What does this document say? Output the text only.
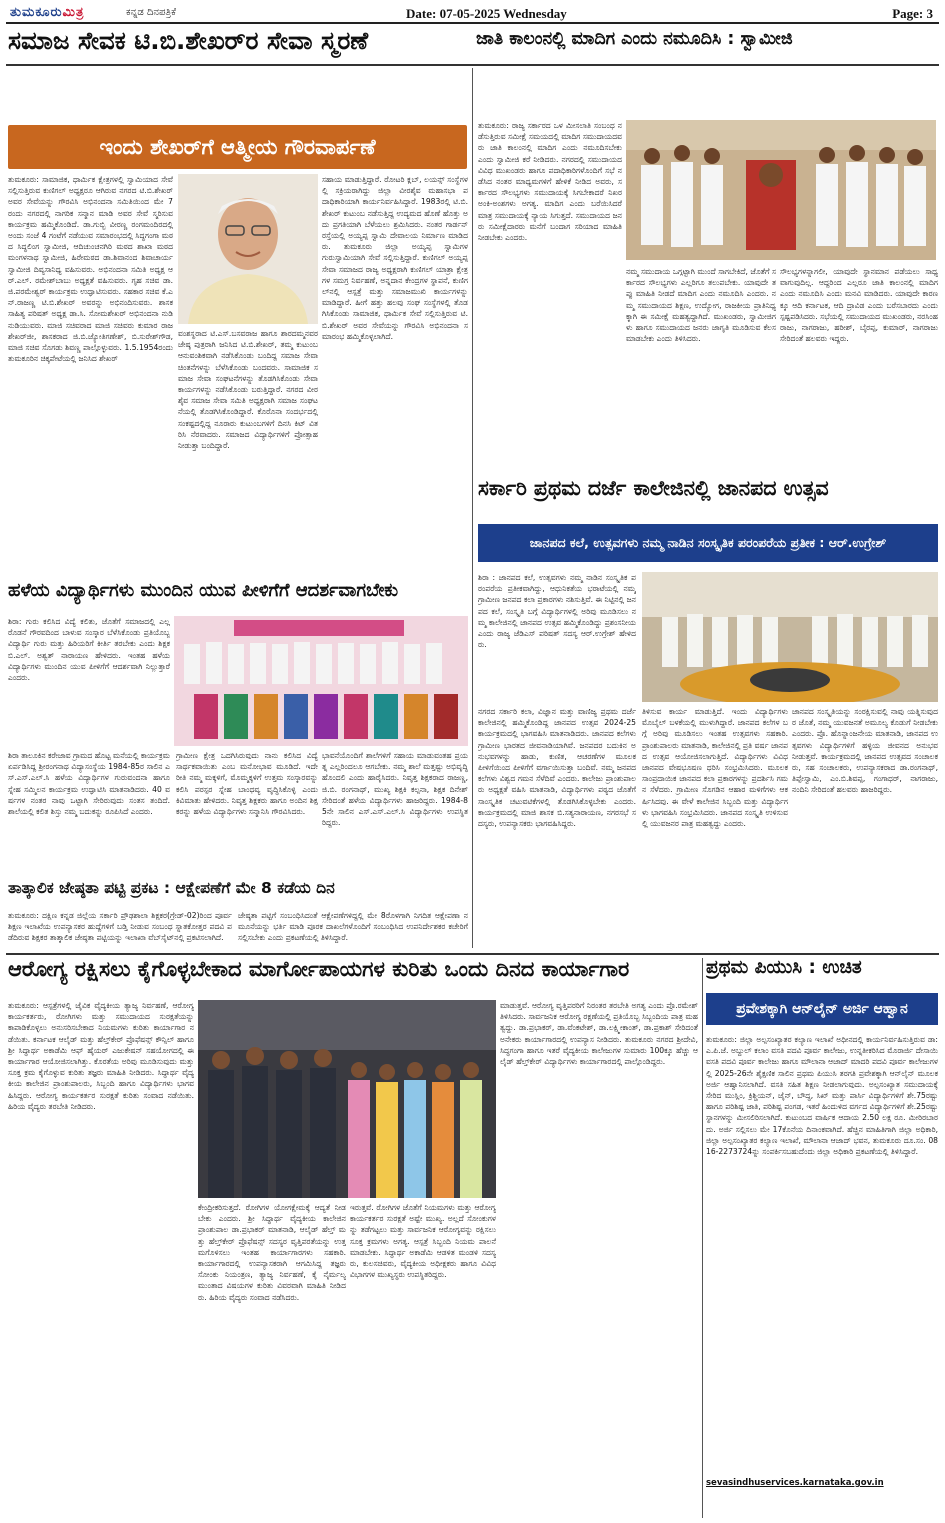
ತುಮಕೂರುಮಿತ್ರ	ಕನ್ನಡ ದಿನಪತ್ರಿಕೆ	Date: 07-05-2025 Wednesday	Page: 3
ಸಮಾಜ ಸೇವಕ ಟಿ.ಬಿ.ಶೇಖರ್‌ರ ಸೇವಾ ಸ್ಮರಣೆ	ಜಾತಿ ಕಾಲಂನಲ್ಲಿ ಮಾದಿಗ ಎಂದು ನಮೂದಿಸಿ : ಸ್ವಾಮೀಜಿ
ಇಂದು ಶೇಖರ್‌ಗೆ ಆತ್ಮೀಯ ಗೌರವಾರ್ಪಣೆ
ತುಮಕೂರು: ಸಾಮಾಜಿಕ, ಧಾರ್ಮಿಕ ಕ್ಷೇತ್ರಗಳಲ್ಲಿ ಸ್ವಾಮಿಯಾದ ಸೇವೆ ಸಲ್ಲಿಸುತ್ತಿರುವ ಕುಣಿಗಲ್ ಅಧ್ಯಕ್ಷರೂ ಆಗಿರುವ ನಗರದ ಟಿ.ಬಿ.ಶೇಖರ್ ಅವರ ಸೇವೆಯನ್ನು ಗೌರವಿಸಿ ಅಭಿನಂದನಾ ಸಮಿತಿಯಿಂದ ಮೇ 7ರಂದು ನಗರದಲ್ಲಿ ನಾಗರಿಕ ಸನ್ಮಾನ ಮಾಡಿ ಅವರ ಸೇವೆ ಸ್ಮರಿಸುವ ಕಾರ್ಯಕ್ರಮ ಹಮ್ಮಿಕೊಂಡಿದೆ. ಡಾ.ಗುಬ್ಬಿ ವೀರಣ್ಣ ರಂಗಮಂದಿರದಲ್ಲಿ ಅಂದು ಸಂಜೆ 4 ಗಂಟೆಗೆ ನಡೆಯುವ ಸಮಾರಂಭದಲ್ಲಿ ಸಿದ್ಧಗಂಗಾ ಮಠದ ಸಿದ್ಧಲಿಂಗ ಸ್ವಾಮೀಜಿ, ಆದಿಚುಂಚನಗಿರಿ ಮಠದ ಶಾಖಾ ಮಠದ ಮಂಗಳನಾಥ ಸ್ವಾಮೀಜಿ, ಹಿರೇಮಠದ ಡಾ.ಶಿವಾನಂದ ಶಿವಾಚಾರ್ಯ ಸ್ವಾಮೀಜಿ ದಿವ್ಯಸಾನಿಧ್ಯ ವಹಿಸುವರು. ಅಭಿನಂದನಾ ಸಮಿತಿ ಅಧ್ಯಕ್ಷ ಆರ್.ಎಲ್. ರಮೇಶ್‌ಬಾಬು ಅಧ್ಯಕ್ಷತೆ ವಹಿಸುವರು. ಗೃಹ ಸಚಿವ ಡಾ.ಜಿ.ಪರಮೇಶ್ವರ್ ಕಾರ್ಯಕ್ರಮ ಉದ್ಘಾಟಿಸುವರು. ಸಹಕಾರ ಸಚಿವ ಕೆ.ಎನ್.ರಾಜಣ್ಣ ಟಿ.ಬಿ.ಶೇಖರ್ ಅವರನ್ನು ಅಭಿನಂದಿಸುವರು. ಶಾಸಕ ಸಾಹಿತ್ಯ ಪರಿಷತ್ ಅಧ್ಯಕ್ಷ ಡಾ.ಸಿ. ಸೋಮಶೇಖರ್ ಅಭಿನಂದನಾ ನುಡಿ ನುಡಿಯುವರು. ಮಾಜಿ ಸಚಿವರಾದ ಮಾಜಿ ಸಚಿವರು ಕುಮಾರ ರಾಜಶೇಖರ್‌ಜೀ, ಶಾಸಕರಾದ ಜಿ.ಬಿ.ಜ್ಯೋತಿಗಣೇಶ್, ಬಿ.ಸುರೇಶ್‌ಗೌಡ, ಮಾಜಿ ಸಚಿವ ಸೊಗಡು ಶಿವಣ್ಣ ಪಾಲ್ಗೊಳ್ಳುವರು. 1.5.1954ರಂದು ತುಮಕೂರಿನ ಚಿಕ್ಕಪೇಟೆಯಲ್ಲಿ ಜನಿಸಿದ ಶೇಖರ್
ವಂಶಸ್ಥರಾದ ಟಿ.ಎಸ್.ಬಸವರಾಜ ಹಾಗೂ ಶಾರದಮ್ಮನವರ ಜೇಷ್ಠ ಪುತ್ರರಾಗಿ ಜನಿಸಿದ ಟಿ.ಬಿ.ಶೇಖರ್, ತಮ್ಮ ಕುಟುಂಬ ಆನುವಂಶಿಕವಾಗಿ ನಡೆಸಿಕೊಂಡು ಬಂದಿದ್ದ ಸಮಾಜ ಸೇವಾ ಚಿಂತನೆಗಳನ್ನು ಬೆಳೆಸಿಕೊಂಡು ಬಂದವರು. ಸಾಮಾಜಿಕ ಸಮಾಜ ಸೇವಾ ಸಂಘಟನೆಗಳನ್ನು ತೊಡಗಿಸಿಕೊಂಡು ಸೇವಾ ಕಾರ್ಯಗಳನ್ನು ನಡೆಸಿಕೊಂಡು ಬರುತ್ತಿದ್ದಾರೆ. ನಗರದ ವೀರಶೈವ ಸಮಾಜ ಸೇವಾ ಸಮಿತಿ ಅಧ್ಯಕ್ಷರಾಗಿ ಸಮಾಜ ಸಂಘಟನೆಯಲ್ಲಿ ತೊಡಗಿಸಿಕೊಂಡಿದ್ದಾರೆ. ಕೊರೊನಾ ಸಂದರ್ಭದಲ್ಲಿ ಸಂಕಷ್ಟದಲ್ಲಿದ್ದ ನೂರಾರು ಕುಟುಂಬಗಳಿಗೆ ದಿನಸಿ ಕಿಟ್ ವಿತರಿಸಿ ನೆರವಾದರು. ಸಮಾಜದ ವಿದ್ಯಾರ್ಥಿಗಳಿಗೆ ಪ್ರೋತ್ಸಾಹ ನೀಡುತ್ತಾ ಬಂದಿದ್ದಾರೆ.
ಸಹಾಯ ಮಾಡುತ್ತಿದ್ದಾರೆ. ರೋಟರಿ ಕ್ಲಬ್, ಲಯನ್ಸ್ ಸಂಸ್ಥೆಗಳಲ್ಲಿ ಸಕ್ರಿಯರಾಗಿದ್ದು ಜಿಲ್ಲಾ ವೀರಶೈವ ಮಹಾಸಭಾ ಪದಾಧಿಕಾರಿಯಾಗಿ ಕಾರ್ಯನಿರ್ವಹಿಸಿದ್ದಾರೆ. 1983ರಲ್ಲಿ ಟಿ.ಬಿ.ಶೇಖರ್ ಕುಟುಂಬ ನಡೆಸುತ್ತಿದ್ದ ಉದ್ಯಮದ ಹೊಣೆ ಹೊತ್ತು ಅದು ಪ್ರಗತಿಯಾಗಿ ಬೆಳೆಯಲು ಶ್ರಮಿಸಿದರು. ನಂತರ ಗಾರ್ಡನ್ ರಸ್ತೆಯಲ್ಲಿ ಅಯ್ಯಪ್ಪ ಸ್ವಾಮಿ ದೇವಾಲಯ ನಿರ್ಮಾಣ ಮಾಡಿದರು. ತುಮಕೂರು ಜಿಲ್ಲಾ ಅಯ್ಯಪ್ಪ ಸ್ವಾಮಿಗಳ ಗುರುಸ್ವಾಮಿಯಾಗಿ ಸೇವೆ ಸಲ್ಲಿಸುತ್ತಿದ್ದಾರೆ. ಕುಣಿಗಲ್ ಅಯ್ಯಪ್ಪ ಸೇವಾ ಸಮಾಜದ ರಾಜ್ಯ ಅಧ್ಯಕ್ಷರಾಗಿ ಕುಣಿಗಲ್ ಯಾತ್ರಾ ಕ್ಷೇತ್ರಗಳ ಸಮಗ್ರ ನಿರ್ವಹಣೆ, ಅನ್ನದಾನ ಕೇಂದ್ರಗಳ ಸ್ಥಾಪನೆ, ಕುಣಿಗಲ್‌ನಲ್ಲಿ ಆಸ್ಪತ್ರೆ ಮತ್ತು ಸಮಾಜಮುಖಿ ಕಾರ್ಯಗಳನ್ನು ಮಾಡಿದ್ದಾರೆ. ಹೀಗೆ ಹತ್ತು ಹಲವು ಸಂಘ ಸಂಸ್ಥೆಗಳಲ್ಲಿ ತೊಡಗಿಸಿಕೊಂಡು ಸಾಮಾಜಿಕ, ಧಾರ್ಮಿಕ ಸೇವೆ ಸಲ್ಲಿಸುತ್ತಿರುವ ಟಿ.ಬಿ.ಶೇಖರ್ ಅವರ ಸೇವೆಯನ್ನು ಗೌರವಿಸಿ ಅಭಿನಂದನಾ ಸಮಾರಂಭ ಹಮ್ಮಿಕೊಳ್ಳಲಾಗಿದೆ.
ತುಮಕೂರು: ರಾಜ್ಯ ಸರ್ಕಾರದ ಒಳ ಮೀಸಲಾತಿ ಸಂಬಂಧ ನಡೆಸುತ್ತಿರುವ ಸಮೀಕ್ಷೆ ಸಮಯದಲ್ಲಿ ಮಾದಿಗ ಸಮುದಾಯದವರು ಜಾತಿ ಕಾಲಂನಲ್ಲಿ ಮಾದಿಗ ಎಂದು ನಮೂದಿಸಬೇಕು ಎಂದು ಸ್ವಾಮೀಜಿ ಕರೆ ನೀಡಿದರು. ನಗರದಲ್ಲಿ ಸಮುದಾಯದ ವಿವಿಧ ಮುಖಂಡರು ಹಾಗೂ ಪದಾಧಿಕಾರಿಗಳೊಂದಿಗೆ ಸಭೆ ನಡೆಸಿದ ನಂತರ ಮಾಧ್ಯಮಗಳಿಗೆ ಹೇಳಿಕೆ ನೀಡಿದ ಅವರು, ಸರ್ಕಾರದ ಸೌಲಭ್ಯಗಳು ಸಮುದಾಯಕ್ಕೆ ಸಿಗಬೇಕಾದರೆ ನಿಖರ ಅಂಕಿ-ಅಂಶಗಳು ಅಗತ್ಯ. ಮಾದಿಗ ಎಂದು ಬರೆಯಿಸಿದರೆ ಮಾತ್ರ ಸಮುದಾಯಕ್ಕೆ ನ್ಯಾಯ ಸಿಗುತ್ತದೆ. ಸಮುದಾಯದ ಜನರು ಸಮೀಕ್ಷೆದಾರರು ಮನೆಗೆ ಬಂದಾಗ ಸರಿಯಾದ ಮಾಹಿತಿ ನೀಡಬೇಕು ಎಂದರು.
ನಮ್ಮ ಸಮುದಾಯ ಒಗ್ಗಟ್ಟಾಗಿ ಮುಂದೆ ಸಾಗಬೇಕಿದೆ, ಜೊತೆಗೆ ಸರ್ಕಾರದ ಸೌಲಭ್ಯಗಳು ಎಲ್ಲರಿಗೂ ತಲುಪಬೇಕು. ಯಾವುದೇ ತಪ್ಪು ಮಾಹಿತಿ ನೀಡದೆ ಮಾದಿಗ ಎಂದು ನಮೂದಿಸಿ ಎಂದರು. ನಮ್ಮ ಸಮುದಾಯದ ಶಿಕ್ಷಣ, ಉದ್ಯೋಗ, ರಾಜಕೀಯ ಪ್ರಾತಿನಿಧ್ಯಕ್ಕಾಗಿ ಈ ಸಮೀಕ್ಷೆ ಮಹತ್ವದ್ದಾಗಿದೆ. ಮುಖಂಡರು, ಸ್ವಾಮೀಜಿಗಳು ಹಾಗೂ ಸಮುದಾಯದ ಜನರು ಜಾಗೃತಿ ಮೂಡಿಸುವ ಕೆಲಸ ಮಾಡಬೇಕು ಎಂದು ತಿಳಿಸಿದರು.
ಸೌಲಭ್ಯಗಳನ್ನಾಗಲೀ, ಯಾವುದೇ ಸ್ಥಾನಮಾನ ಪಡೆಯಲು ಸಾಧ್ಯವಾಗುವುದಿಲ್ಲ. ಆದ್ದರಿಂದ ಎಲ್ಲರೂ ಜಾತಿ ಕಾಲಂನಲ್ಲಿ ಮಾದಿಗ ಎಂದು ನಮೂದಿಸಿ ಎಂದು ಮನವಿ ಮಾಡಿದರು. ಯಾವುದೇ ಕಾರಣಕ್ಕೂ ಆದಿ ಕರ್ನಾಟಕ, ಆದಿ ದ್ರಾವಿಡ ಎಂದು ಬರೆಸಬಾರದು ಎಂದು ಸ್ಪಷ್ಟಪಡಿಸಿದರು. ಸಭೆಯಲ್ಲಿ ಸಮುದಾಯದ ಮುಖಂಡರು, ನರಸಿಂಹರಾಜು, ನಾಗರಾಜು, ಹರೀಶ್, ಬೈರಪ್ಪ, ಕುಮಾರ್, ನಾಗರಾಜು ಸೇರಿದಂತೆ ಹಲವರು ಇದ್ದರು.
ಸರ್ಕಾರಿ ಪ್ರಥಮ ದರ್ಜೆ ಕಾಲೇಜಿನಲ್ಲಿ ಜಾನಪದ ಉತ್ಸವ
ಜಾನಪದ ಕಲೆ, ಉತ್ಸವಗಳು ನಮ್ಮ ನಾಡಿನ ಸಂಸ್ಕೃತಿಕ ಪರಂಪರೆಯ ಪ್ರತೀಕ : ಆರ್.ಉಗ್ರೇಶ್
ಶಿರಾ : ಜಾನಪದ ಕಲೆ, ಉತ್ಸವಗಳು ನಮ್ಮ ನಾಡಿನ ಸಂಸ್ಕೃತಿಕ ಪರಂಪರೆಯ ಪ್ರತೀಕವಾಗಿದ್ದು, ಆಧುನಿಕತೆಯ ಭರಾಟೆಯಲ್ಲಿ ನಮ್ಮ ಗ್ರಾಮೀಣ ಜನಪದ ಕಲಾ ಪ್ರಕಾರಗಳು ನಶಿಸುತ್ತಿವೆ. ಈ ನಿಟ್ಟಿನಲ್ಲಿ ಜನಪದ ಕಲೆ, ಸಂಸ್ಕೃತಿ ಬಗ್ಗೆ ವಿದ್ಯಾರ್ಥಿಗಳಲ್ಲಿ ಅರಿವು ಮೂಡಿಸಲು ನಮ್ಮ ಕಾಲೇಜಿನಲ್ಲಿ ಜಾನಪದ ಉತ್ಸವ ಹಮ್ಮಿಕೊಂಡಿದ್ದು ಪ್ರಶಂಸನೀಯ ಎಂದು ರಾಜ್ಯ ಜೆಡಿಎಸ್ ಪರಿಷತ್ ಸದಸ್ಯ ಆರ್.ಉಗ್ರೇಶ್ ಹೇಳಿದರು.
ನಗರದ ಸರ್ಕಾರಿ ಕಲಾ, ವಿಜ್ಞಾನ ಮತ್ತು ವಾಣಿಜ್ಯ ಪ್ರಥಮ ದರ್ಜೆ ಕಾಲೇಜಿನಲ್ಲಿ ಹಮ್ಮಿಕೊಂಡಿದ್ದ ಜಾನಪದ ಉತ್ಸವ 2024-25 ಕಾರ್ಯಕ್ರಮದಲ್ಲಿ ಭಾಗವಹಿಸಿ ಮಾತನಾಡಿದರು. ಜಾನಪದ ಕಲೆಗಳು ಗ್ರಾಮೀಣ ಭಾರತದ ಜೀವನಾಡಿಯಾಗಿವೆ. ಜನಪದರ ಬದುಕಿನ ಅನುಭವಗಳನ್ನು ಹಾಡು, ಕುಣಿತ, ಆಚರಣೆಗಳ ಮೂಲಕ ಪೀಳಿಗೆಯಿಂದ ಪೀಳಿಗೆಗೆ ವರ್ಗಾಯಿಸುತ್ತಾ ಬಂದಿವೆ. ನಮ್ಮ ಜನಪದ ಕಲೆಗಳು ವಿಶ್ವದ ಗಮನ ಸೆಳೆದಿವೆ ಎಂದರು. ಕಾಲೇಜು ಪ್ರಾಂಶುಪಾಲರು ಅಧ್ಯಕ್ಷತೆ ವಹಿಸಿ ಮಾತನಾಡಿ, ವಿದ್ಯಾರ್ಥಿಗಳು ಪಠ್ಯದ ಜೊತೆಗೆ ಸಾಂಸ್ಕೃತಿಕ ಚಟುವಟಿಕೆಗಳಲ್ಲಿ ತೊಡಗಿಸಿಕೊಳ್ಳಬೇಕು ಎಂದರು. ಕಾರ್ಯಕ್ರಮದಲ್ಲಿ ಮಾಜಿ ಶಾಸಕ ಬಿ.ಸತ್ಯನಾರಾಯಣ, ನಗರಸಭೆ ಸದಸ್ಯರು, ಉಪನ್ಯಾಸಕರು ಭಾಗವಹಿಸಿದ್ದರು.
ತಿಳಿಸುವ ಕಾರ್ಯ ಮಾಡುತ್ತಿದೆ. ಇಂದು ವಿದ್ಯಾರ್ಥಿಗಳು ಮೊಬೈಲ್ ಬಳಕೆಯಲ್ಲಿ ಮುಳುಗಿದ್ದಾರೆ. ಜಾನಪದ ಕಲೆಗಳ ಬಗ್ಗೆ ಅರಿವು ಮೂಡಿಸಲು ಇಂತಹ ಉತ್ಸವಗಳು ಸಹಕಾರಿ. ಪ್ರಾಂಶುಪಾಲರು ಮಾತನಾಡಿ, ಕಾಲೇಜಿನಲ್ಲಿ ಪ್ರತಿ ವರ್ಷ ಜಾನಪದ ಉತ್ಸವ ಆಯೋಜಿಸಲಾಗುತ್ತಿದೆ. ವಿದ್ಯಾರ್ಥಿಗಳು ವಿವಿಧ ಜಾನಪದ ವೇಷಭೂಷಣ ಧರಿಸಿ ಸಂಭ್ರಮಿಸಿದರು. ಮೂಲಕ ಸಾಂಪ್ರದಾಯಿಕ ಜಾನಪದ ಕಲಾ ಪ್ರಕಾರಗಳನ್ನು ಪ್ರದರ್ಶಿಸಿ ಗಮನ ಸೆಳೆದರು. ಗ್ರಾಮೀಣ ಸೊಗಡಿನ ಆಹಾರ ಮಳಿಗೆಗಳು ಆಕರ್ಷಿಸಿದವು. ಈ ವೇಳೆ ಕಾಲೇಜಿನ ಸಿಬ್ಬಂದಿ ಮತ್ತು ವಿದ್ಯಾರ್ಥಿಗಳು ಭಾಗವಹಿಸಿ ಸಂಭ್ರಮಿಸಿದರು. ಜಾನಪದ ಸಂಸ್ಕೃತಿ ಉಳಿಸುವಲ್ಲಿ ಯುವಜನರ ಪಾತ್ರ ಮಹತ್ವದ್ದು ಎಂದರು.
ಜಾನಪದ ಸಂಸ್ಕೃತಿಯನ್ನು ಸಂರಕ್ಷಿಸುವಲ್ಲಿ ನಾವು ಯತ್ನಿಸುವುದರ ಜೊತೆ, ನಮ್ಮ ಯುವಜನತೆ ಅಮೂಲ್ಯ ಕೊಡುಗೆ ನೀಡಬೇಕು ಎಂದರು. ಪ್ರೊ. ಹೊನ್ನಾಂಜನೇಯ ಮಾತನಾಡಿ, ಜಾನಪದ ಉತ್ಸವಗಳು ವಿದ್ಯಾರ್ಥಿಗಳಿಗೆ ಹಳ್ಳಿಯ ಜೀವನದ ಅನುಭವ ನೀಡುತ್ತವೆ. ಕಾರ್ಯಕ್ರಮದಲ್ಲಿ ಜಾನಪದ ಉತ್ಸವದ ಸಂಚಾಲಕರು, ಸಹ ಸಂಚಾಲಕರು, ಉಪನ್ಯಾಸಕರಾದ ಡಾ.ರಂಗನಾಥ್, ತಿಪ್ಪೇಸ್ವಾಮಿ, ಎಂ.ಬಿ.ಶಿವಪ್ಪ, ಗಂಗಾಧರ್, ನಾಗರಾಜು, ನಂದಿನಿ ಸೇರಿದಂತೆ ಹಲವರು ಹಾಜರಿದ್ದರು.
ಹಳೆಯ ವಿದ್ಯಾರ್ಥಿಗಳು ಮುಂದಿನ ಯುವ ಪೀಳಿಗೆಗೆ ಆದರ್ಶವಾಗಬೇಕು
ಶಿರಾ: ಗುರು ಕಲಿಸಿದ ವಿದ್ಯೆ ಕಲಿತು, ಜೊತೆಗೆ ಸಮಾಜದಲ್ಲಿ ಎಲ್ಲರೊಡನೆ ಗೌರವದಿಂದ ಬಾಳುವ ಸಂಸ್ಕಾರ ಬೆಳೆಸಿಕೊಂಡು ಪ್ರತಿಯೊಬ್ಬ ವಿದ್ಯಾರ್ಥಿ ಗುರು ಮತ್ತು ಹಿರಿಯರಿಗೆ ಕೀರ್ತಿ ತರಬೇಕು ಎಂದು ಶಿಕ್ಷಕ ಬಿ.ಎಲ್. ಅಶ್ವತ್ ನಾರಾಯಣ ಹೇಳಿದರು. ಇಂತಹ ಹಳೆಯ ವಿದ್ಯಾರ್ಥಿಗಳು ಮುಂದಿನ ಯುವ ಪೀಳಿಗೆಗೆ ಆದರ್ಶವಾಗಿ ನಿಲ್ಲುತ್ತಾರೆ ಎಂದರು.
ಶಿರಾ ತಾಲೂಕಿನ ಕರೇಜಾವ ಗ್ರಾಮದ ಹೊಟ್ಟ ಮನೆಯಲ್ಲಿ ಕಾರ್ಯಕ್ರಮ ಏರ್ಪಡಿಸಿದ್ದ ಶ್ರೀರಂಗನಾಥ ವಿದ್ಯಾಸಂಸ್ಥೆಯ 1984-85ರ ಸಾಲಿನ ಎಸ್.ಎಸ್.ಎಲ್.ಸಿ ಹಳೆಯ ವಿದ್ಯಾರ್ಥಿಗಳ ಗುರುವಂದನಾ ಹಾಗೂ ಸ್ನೇಹ ಸಮ್ಮಿಲನ ಕಾರ್ಯಕ್ರಮ ಉದ್ಘಾಟಿಸಿ ಮಾತನಾಡಿದರು. 40 ವರ್ಷಗಳ ನಂತರ ನಾವು ಒಟ್ಟಾಗಿ ಸೇರಿರುವುದು ಸಂತಸ ತಂದಿದೆ. ಶಾಲೆಯಲ್ಲಿ ಕಲಿತ ಶಿಸ್ತು ನಮ್ಮ ಬದುಕನ್ನು ರೂಪಿಸಿದೆ ಎಂದರು.
ಗ್ರಾಮೀಣ ಕ್ಷೇತ್ರ ಒದಗಿಸಿರುವುದು ನಾನು ಕಲಿಸಿದ ವಿದ್ಯೆ ಸಾರ್ಥಕವಾಯಿತು ಎಂಬ ಮನೋಭಾವ ಮೂಡಿದೆ. ಇದೇ ರೀತಿ ನಮ್ಮ ಮಕ್ಕಳಿಗೆ, ಮೊಮ್ಮಕ್ಕಳಿಗೆ ಉತ್ತಮ ಸಂಸ್ಕಾರವನ್ನು ಕಲಿಸಿ ಪರಸ್ಪರ ಸ್ನೇಹ ಬಾಂಧವ್ಯ ವೃದ್ಧಿಸಿಕೊಳ್ಳಿ ಎಂದು ಕಿವಿಮಾತು ಹೇಳಿದರು. ನಿವೃತ್ತ ಶಿಕ್ಷಕರು ಹಾಗೂ ಅಂದಿನ ಶಿಕ್ಷಕರನ್ನು ಹಳೆಯ ವಿದ್ಯಾರ್ಥಿಗಳು ಸನ್ಮಾನಿಸಿ ಗೌರವಿಸಿದರು.
ಭಾವನೆಯೊಂದಿಗೆ ಶಾಲೆಗಳಿಗೆ ಸಹಾಯ ಮಾಡುವಂತಹ ಪ್ರಯತ್ನ ಎಲ್ಲರಿಂದಲೂ ಆಗಬೇಕು. ನಮ್ಮ ಶಾಲೆ ಮತ್ತಷ್ಟು ಅಭಿವೃದ್ಧಿ ಹೊಂದಲಿ ಎಂದು ಹಾರೈಸಿದರು. ನಿವೃತ್ತ ಶಿಕ್ಷಕರಾದ ರಾಜಣ್ಣ, ಜಿ.ಬಿ. ರಂಗನಾಥ್, ಮುಖ್ಯ ಶಿಕ್ಷಕಿ ಕಲ್ಪನಾ, ಶಿಕ್ಷಕ ದಿನೇಶ್ ಸೇರಿದಂತೆ ಹಳೆಯ ವಿದ್ಯಾರ್ಥಿಗಳು ಹಾಜರಿದ್ದರು. 1984-85ನೇ ಸಾಲಿನ ಎಸ್.ಎಸ್.ಎಲ್.ಸಿ ವಿದ್ಯಾರ್ಥಿಗಳು ಉಪಸ್ಥಿತರಿದ್ದರು.
ತಾತ್ಕಾಲಿಕ ಜೇಷ್ಠತಾ ಪಟ್ಟಿ ಪ್ರಕಟ : ಆಕ್ಷೇಪಣೆಗೆ ಮೇ 8 ಕಡೆಯ ದಿನ
ತುಮಕೂರು: ದಕ್ಷಿಣ ಕನ್ನಡ ಜಿಲ್ಲೆಯ ಸರ್ಕಾರಿ ಪ್ರೌಢಶಾಲಾ ಶಿಕ್ಷಕರ(ಗ್ರೇಡ್-02)ರಿಂದ ಪೂರ್ವ ಶಿಕ್ಷಣ ಇಲಾಖೆಯ ಉಪನ್ಯಾಸಕರ ಹುದ್ದೆಗಳಿಗೆ ಬಡ್ತಿ ನೀಡುವ ಸಂಬಂಧ ಸ್ನಾತಕೋತ್ತರ ಪದವಿ ಪಡೆದಿರುವ ಶಿಕ್ಷಕರ ತಾತ್ಕಾಲಿಕ ಜೇಷ್ಠತಾ ಪಟ್ಟಿಯನ್ನು ಇಲಾಖಾ ವೆಬ್‌ಸೈಟ್‌ನಲ್ಲಿ ಪ್ರಕಟಿಸಲಾಗಿದೆ.
ಜೇಷ್ಠತಾ ಪಟ್ಟಿಗೆ ಸಂಬಂಧಿಸಿದಂತೆ ಆಕ್ಷೇಪಣೆಗಳಿದ್ದಲ್ಲಿ ಮೇ 8ರೊಳಗಾಗಿ ನಿಗದಿತ ಆಕ್ಷೇಪಣಾ ನಮೂನೆಯನ್ನು ಭರ್ತಿ ಮಾಡಿ ಪೂರಕ ದಾಖಲೆಗಳೊಂದಿಗೆ ಸಂಬಂಧಿಸಿದ ಉಪನಿರ್ದೇಶಕರ ಕಚೇರಿಗೆ ಸಲ್ಲಿಸಬೇಕು ಎಂದು ಪ್ರಕಟಣೆಯಲ್ಲಿ ತಿಳಿಸಿದ್ದಾರೆ.
ಆರೋಗ್ಯ ರಕ್ಷಿಸಲು ಕೈಗೊಳ್ಳಬೇಕಾದ ಮಾರ್ಗೋಪಾಯಗಳ ಕುರಿತು ಒಂದು ದಿನದ ಕಾರ್ಯಾಗಾರ
ತುಮಕೂರು: ಆಸ್ಪತ್ರೆಗಳಲ್ಲಿ ಜೈವಿಕ ವೈದ್ಯಕೀಯ ತ್ಯಾಜ್ಯ ನಿರ್ವಹಣೆ, ಆರೋಗ್ಯ ಕಾರ್ಯಕರ್ತರು, ರೋಗಿಗಳು ಮತ್ತು ಸಮುದಾಯದ ಸುರಕ್ಷತೆಯನ್ನು ಕಾಪಾಡಿಕೊಳ್ಳಲು ಅನುಸರಿಸಬೇಕಾದ ನಿಯಮಗಳು ಕುರಿತು ಕಾರ್ಯಾಗಾರ ನಡೆಯಿತು. ಕರ್ನಾಟಕ ಆಲೈಡ್ ಮತ್ತು ಹೆಲ್ತ್‌ಕೇರ್ ಪ್ರೊಫೆಷನ್ಸ್ ಕೌನ್ಸಿಲ್ ಹಾಗೂ ಶ್ರೀ ಸಿದ್ಧಾರ್ಥ ಅಕಾಡೆಮಿ ಆಫ್ ಹೈಯರ್ ಎಜುಕೇಷನ್ ಸಹಯೋಗದಲ್ಲಿ ಈ ಕಾರ್ಯಾಗಾರ ಆಯೋಜಿಸಲಾಗಿತ್ತು. ಕೊರತೆಯ ಅರಿವು ಮೂಡಿಸುವುದು ಮತ್ತು ಸೂಕ್ತ ಕ್ರಮ ಕೈಗೊಳ್ಳುವ ಕುರಿತು ತಜ್ಞರು ಮಾಹಿತಿ ನೀಡಿದರು. ಸಿದ್ಧಾರ್ಥ ವೈದ್ಯಕೀಯ ಕಾಲೇಜಿನ ಪ್ರಾಂಶುಪಾಲರು, ಸಿಬ್ಬಂದಿ ಹಾಗೂ ವಿದ್ಯಾರ್ಥಿಗಳು ಭಾಗವಹಿಸಿದ್ದರು. ಆರೋಗ್ಯ ಕಾರ್ಯಕರ್ತರ ಸುರಕ್ಷತೆ ಕುರಿತು ಸಂವಾದ ನಡೆಯಿತು. ಹಿರಿಯ ವೈದ್ಯರು ತರಬೇತಿ ನೀಡಿದರು.
ಕೇಂದ್ರೀಕರಿಸುತ್ತದೆ. ರೋಗಿಗಳ ಯೋಗಕ್ಷೇಮಕ್ಕೆ ಆದ್ಯತೆ ನೀಡಬೇಕು ಎಂದರು. ಶ್ರೀ ಸಿದ್ಧಾರ್ಥ ವೈದ್ಯಕೀಯ ಕಾಲೇಜಿನ ಪ್ರಾಂಶುಪಾಲ ಡಾ.ಪ್ರಭಾಕರ್ ಮಾತನಾಡಿ, ಆಲೈಡ್ ಹೆಲ್ತ್ ಮತ್ತು ಹೆಲ್ತ್‌ಕೇರ್ ಪ್ರೊಫೆಷನ್ಸ್ ಸದಸ್ಯರ ವೃತ್ತಿಪರತೆಯನ್ನು ಉತ್ತಮಗೊಳಿಸಲು ಇಂತಹ ಕಾರ್ಯಾಗಾರಗಳು ಸಹಕಾರಿ. ಕಾರ್ಯಾಗಾರದಲ್ಲಿ ಉಪನ್ಯಾಸಕರಾಗಿ ಆಗಮಿಸಿದ್ದ ತಜ್ಞರು ಸೋಂಕು ನಿಯಂತ್ರಣ, ತ್ಯಾಜ್ಯ ನಿರ್ವಹಣೆ, ಕೈ ನೈರ್ಮಲ್ಯ ಮುಂತಾದ ವಿಷಯಗಳ ಕುರಿತು ವಿವರವಾಗಿ ಮಾಹಿತಿ ನೀಡಿದರು. ಹಿರಿಯ ವೈದ್ಯರು ಸಂವಾದ ನಡೆಸಿದರು.
ಇರುತ್ತವೆ. ರೋಗಿಗಳ ಜೊತೆಗೆ ನಿಯಮಗಳು ಮತ್ತು ಆರೋಗ್ಯ ಕಾರ್ಯಕರ್ತರ ಸುರಕ್ಷತೆ ಅಷ್ಟೇ ಮುಖ್ಯ. ಅಲ್ಲದೆ ಸೋಂಕುಗಳನ್ನು ತಡೆಗಟ್ಟಲು ಮತ್ತು ಸಾರ್ವಜನಿಕ ಆರೋಗ್ಯವನ್ನು ರಕ್ಷಿಸಲು ಸೂಕ್ತ ಕ್ರಮಗಳು ಅಗತ್ಯ. ಆಸ್ಪತ್ರೆ ಸಿಬ್ಬಂದಿ ನಿಯಮ ಪಾಲನೆ ಮಾಡಬೇಕು. ಸಿದ್ಧಾರ್ಥ ಅಕಾಡೆಮಿ ಆಡಳಿತ ಮಂಡಳಿ ಸದಸ್ಯರು, ಕುಲಸಚಿವರು, ವೈದ್ಯಕೀಯ ಅಧೀಕ್ಷಕರು ಹಾಗೂ ವಿವಿಧ ವಿಭಾಗಗಳ ಮುಖ್ಯಸ್ಥರು ಉಪಸ್ಥಿತರಿದ್ದರು.
ಮಾಡುತ್ತವೆ. ಆರೋಗ್ಯ ವೃತ್ತಿಪರರಿಗೆ ನಿರಂತರ ತರಬೇತಿ ಅಗತ್ಯ ಎಂದು ಪ್ರೊ.ರಮೇಶ್ ತಿಳಿಸಿದರು. ಸಾರ್ವಜನಿಕ ಆರೋಗ್ಯ ರಕ್ಷಣೆಯಲ್ಲಿ ಪ್ರತಿಯೊಬ್ಬ ಸಿಬ್ಬಂದಿಯ ಪಾತ್ರ ಮಹತ್ವದ್ದು. ಡಾ.ಪ್ರಭಾಕರ್, ಡಾ.ವೆಂಕಟೇಶ್, ಡಾ.ಲಕ್ಷ್ಮೀಕಾಂತ್, ಡಾ.ಪ್ರಕಾಶ್ ಸೇರಿದಂತೆ ಅನೇಕರು ಕಾರ್ಯಾಗಾರದಲ್ಲಿ ಉಪನ್ಯಾಸ ನೀಡಿದರು. ತುಮಕೂರು ನಗರದ ಶ್ರೀದೇವಿ, ಸಿದ್ಧಗಂಗಾ ಹಾಗೂ ಇತರೆ ವೈದ್ಯಕೀಯ ಕಾಲೇಜುಗಳ ಸುಮಾರು 100ಕ್ಕೂ ಹೆಚ್ಚು ಆಲೈಡ್ ಹೆಲ್ತ್‌ಕೇರ್ ವಿದ್ಯಾರ್ಥಿಗಳು ಕಾರ್ಯಾಗಾರದಲ್ಲಿ ಪಾಲ್ಗೊಂಡಿದ್ದರು.
ಪ್ರಥಮ ಪಿಯುಸಿ : ಉಚಿತ
ಪ್ರವೇಶಕ್ಕಾಗಿ ಆನ್‌ಲೈನ್ ಅರ್ಜಿ ಆಹ್ವಾನ
ತುಮಕೂರು: ಜಿಲ್ಲಾ ಅಲ್ಪಸಂಖ್ಯಾತರ ಕಲ್ಯಾಣ ಇಲಾಖೆ ಅಧೀನದಲ್ಲಿ ಕಾರ್ಯನಿರ್ವಹಿಸುತ್ತಿರುವ ಡಾ: ಎ.ಪಿ.ಜೆ. ಅಬ್ದುಲ್ ಕಲಾಂ ವಸತಿ ಪದವಿ ಪೂರ್ವ ಕಾಲೇಜು, ಉನ್ನತೀಕರಿಸಿದ ಮೊರಾರ್ಜಿ ದೇಸಾಯಿ ವಸತಿ ಪದವಿ ಪೂರ್ವ ಕಾಲೇಜು ಹಾಗೂ ಮೌಲಾನಾ ಆಜಾದ್ ಮಾದರಿ ಪದವಿ ಪೂರ್ವ ಕಾಲೇಜುಗಳಲ್ಲಿ 2025-26ನೇ ಶೈಕ್ಷಣಿಕ ಸಾಲಿನ ಪ್ರಥಮ ಪಿಯುಸಿ ತರಗತಿ ಪ್ರವೇಶಕ್ಕಾಗಿ ಆನ್‌ಲೈನ್ ಮೂಲಕ ಅರ್ಜಿ ಆಹ್ವಾನಿಸಲಾಗಿದೆ. ವಸತಿ ಸಹಿತ ಶಿಕ್ಷಣ ನೀಡಲಾಗುವುದು. ಅಲ್ಪಸಂಖ್ಯಾತ ಸಮುದಾಯಕ್ಕೆ ಸೇರಿದ ಮುಸ್ಲಿಂ, ಕ್ರಿಶ್ಚಿಯನ್, ಜೈನ್, ಬೌದ್ಧ, ಸಿಖ್ ಮತ್ತು ಪಾರ್ಸಿ ವಿದ್ಯಾರ್ಥಿಗಳಿಗೆ ಶೇ.75ರಷ್ಟು ಹಾಗೂ ಪರಿಶಿಷ್ಟ ಜಾತಿ, ಪರಿಶಿಷ್ಟ ಪಂಗಡ, ಇತರೆ ಹಿಂದುಳಿದ ವರ್ಗದ ವಿದ್ಯಾರ್ಥಿಗಳಿಗೆ ಶೇ.25ರಷ್ಟು ಸ್ಥಾನಗಳನ್ನು ಮೀಸಲಿರಿಸಲಾಗಿದೆ. ಕುಟುಂಬದ ವಾರ್ಷಿಕ ಆದಾಯ 2.50 ಲಕ್ಷ ರೂ. ಮೀರಿರಬಾರದು. ಅರ್ಜಿ ಸಲ್ಲಿಸಲು ಮೇ 17ಕೊನೆಯ ದಿನಾಂಕವಾಗಿದೆ. ಹೆಚ್ಚಿನ ಮಾಹಿತಿಗಾಗಿ ಜಿಲ್ಲಾ ಅಧಿಕಾರಿ, ಜಿಲ್ಲಾ ಅಲ್ಪಸಂಖ್ಯಾತರ ಕಲ್ಯಾಣ ಇಲಾಖೆ, ಮೌಲಾನಾ ಆಜಾದ್ ಭವನ, ತುಮಕೂರು ದೂ.ಸಂ. 0816-2273724ನ್ನು ಸಂಪರ್ಕಿಸಬಹುದೆಂದು ಜಿಲ್ಲಾ ಅಧಿಕಾರಿ ಪ್ರಕಟಣೆಯಲ್ಲಿ ತಿಳಿಸಿದ್ದಾರೆ.
sevasindhuservices.karnataka.gov.in
